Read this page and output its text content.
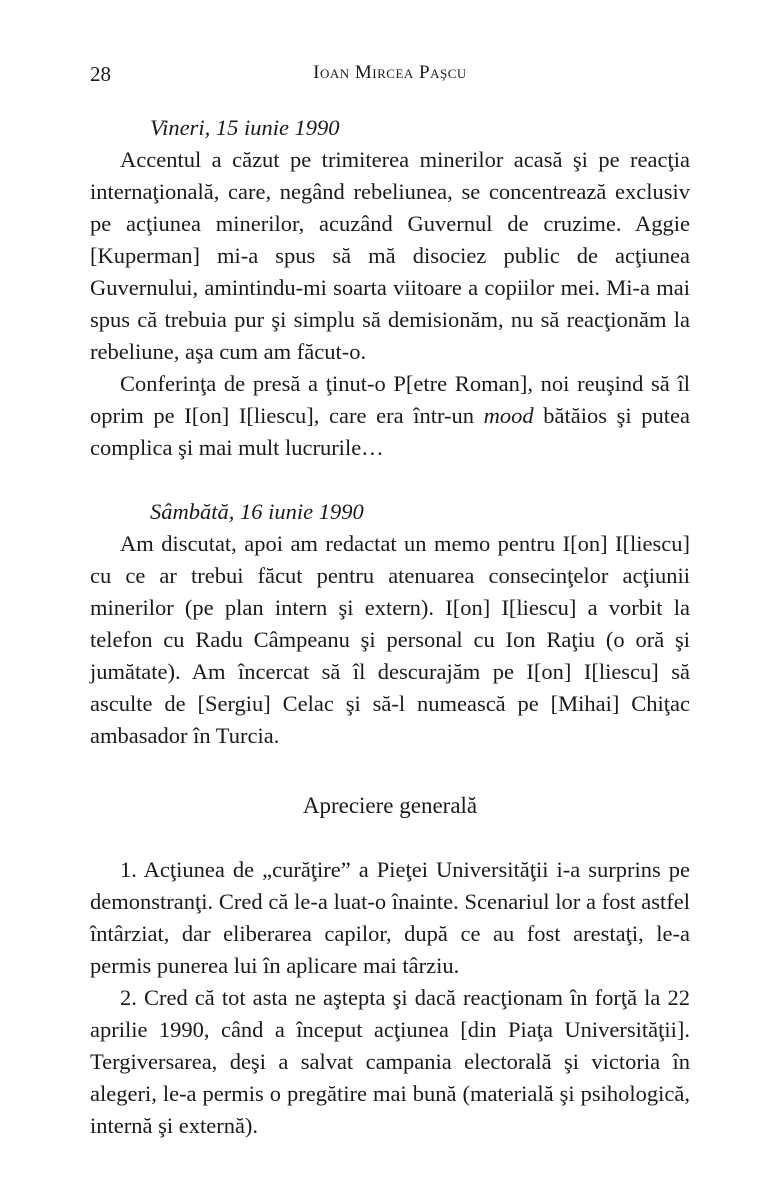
28	Ioan Mircea Paşcu

Vineri, 15 iunie 1990

Accentul a căzut pe trimiterea minerilor acasă şi pe reacţia internaţională, care, negând rebeliunea, se concentrează exclusiv pe acţiunea minerilor, acuzând Guvernul de cruzime. Aggie [Kuperman] mi-a spus să mă disociez public de acţiunea Guvernului, amintindu-mi soarta viitoare a copiilor mei. Mi-a mai spus că trebuia pur şi simplu să demisionăm, nu să reacţionăm la rebeliune, aşa cum am făcut-o.

Conferinţa de presă a ţinut-o P[etre Roman], noi reuşind să îl oprim pe I[on] I[liescu], care era într-un mood bătăios şi putea complica şi mai mult lucrurile…

Sâmbătă, 16 iunie 1990

Am discutat, apoi am redactat un memo pentru I[on] I[liescu] cu ce ar trebui făcut pentru atenuarea consecinţelor acţiunii minerilor (pe plan intern şi extern). I[on] I[liescu] a vorbit la telefon cu Radu Câmpeanu şi personal cu Ion Raţiu (o oră şi jumătate). Am încercat să îl descurajăm pe I[on] I[liescu] să asculte de [Sergiu] Celac şi să-l numească pe [Mihai] Chiţac ambasador în Turcia.

Apreciere generală

1. Acţiunea de „curăţire” a Pieţei Universităţii i-a surprins pe demonstranţi. Cred că le-a luat-o înainte. Scenariul lor a fost astfel întârziat, dar eliberarea capilor, după ce au fost arestaţi, le-a permis punerea lui în aplicare mai târziu.

2. Cred că tot asta ne aştepta şi dacă reacţionam în forţă la 22 aprilie 1990, când a început acţiunea [din Piaţa Universităţii]. Tergiversarea, deşi a salvat campania electorală şi victoria în alegeri, le-a permis o pregătire mai bună (materială şi psihologică, internă şi externă).
